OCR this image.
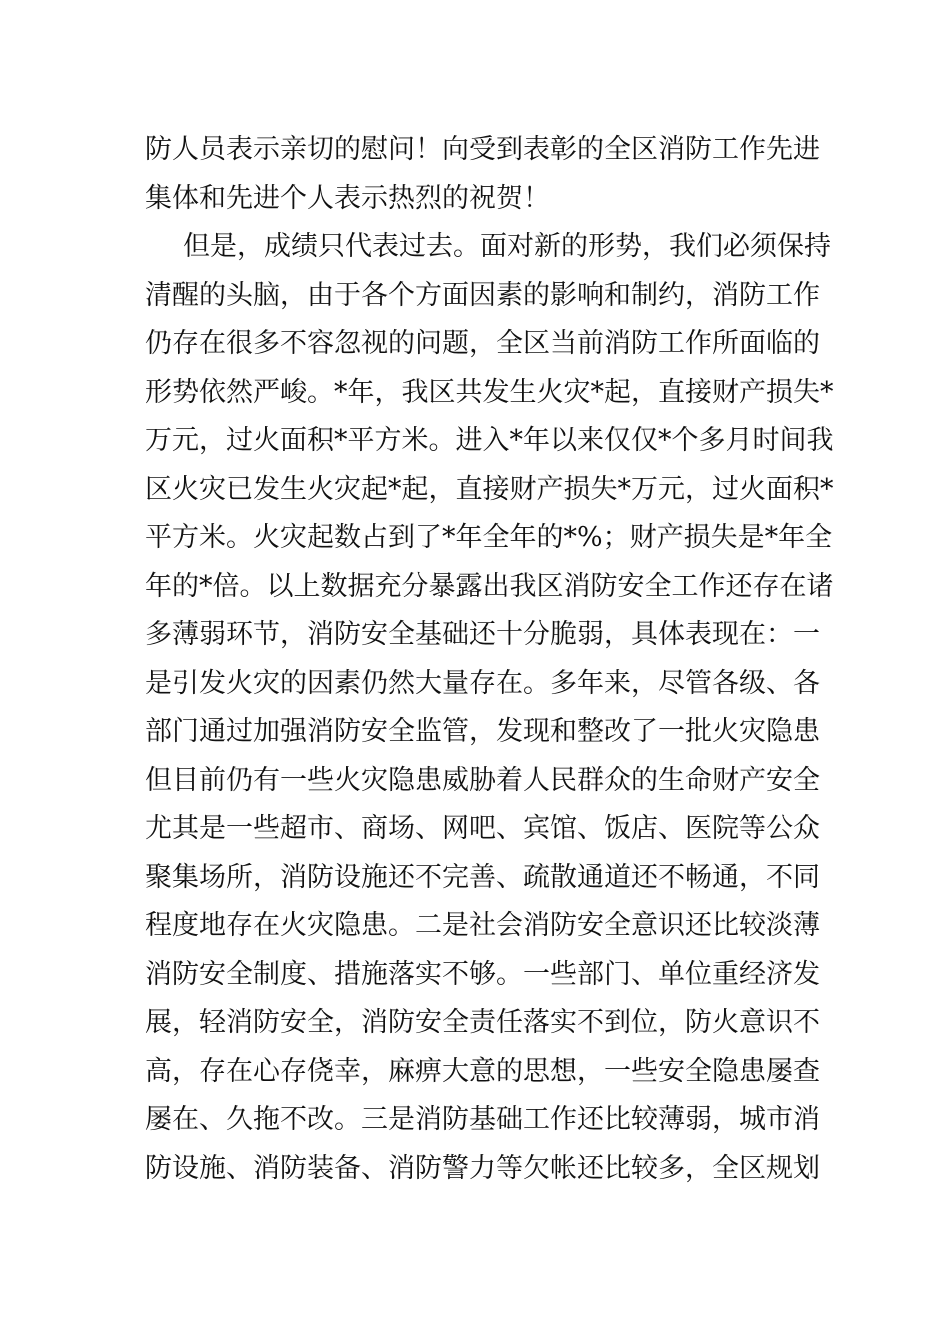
防人员表示亲切的慰问！向受到表彰的全区消防工作先进
集体和先进个人表示热烈的祝贺！
但是，成绩只代表过去。面对新的形势，我们必须保持
清醒的头脑，由于各个方面因素的影响和制约，消防工作
仍存在很多不容忽视的问题，全区当前消防工作所面临的
形势依然严峻。*年，我区共发生火灾*起，直接财产损失*
万元，过火面积*平方米。进入*年以来仅仅*个多月时间我
区火灾已发生火灾起*起，直接财产损失*万元，过火面积*
平方米。火灾起数占到了*年全年的*%；财产损失是*年全
年的*倍。以上数据充分暴露出我区消防安全工作还存在诸
多薄弱环节，消防安全基础还十分脆弱，具体表现在：一
是引发火灾的因素仍然大量存在。多年来，尽管各级、各
部门通过加强消防安全监管，发现和整改了一批火灾隐患
但目前仍有一些火灾隐患威胁着人民群众的生命财产安全
尤其是一些超市、商场、网吧、宾馆、饭店、医院等公众
聚集场所，消防设施还不完善、疏散通道还不畅通，不同
程度地存在火灾隐患。二是社会消防安全意识还比较淡薄
消防安全制度、措施落实不够。一些部门、单位重经济发
展，轻消防安全，消防安全责任落实不到位，防火意识不
高，存在心存侥幸，麻痹大意的思想，一些安全隐患屡查
屡在、久拖不改。三是消防基础工作还比较薄弱，城市消
防设施、消防装备、消防警力等欠帐还比较多，全区规划
